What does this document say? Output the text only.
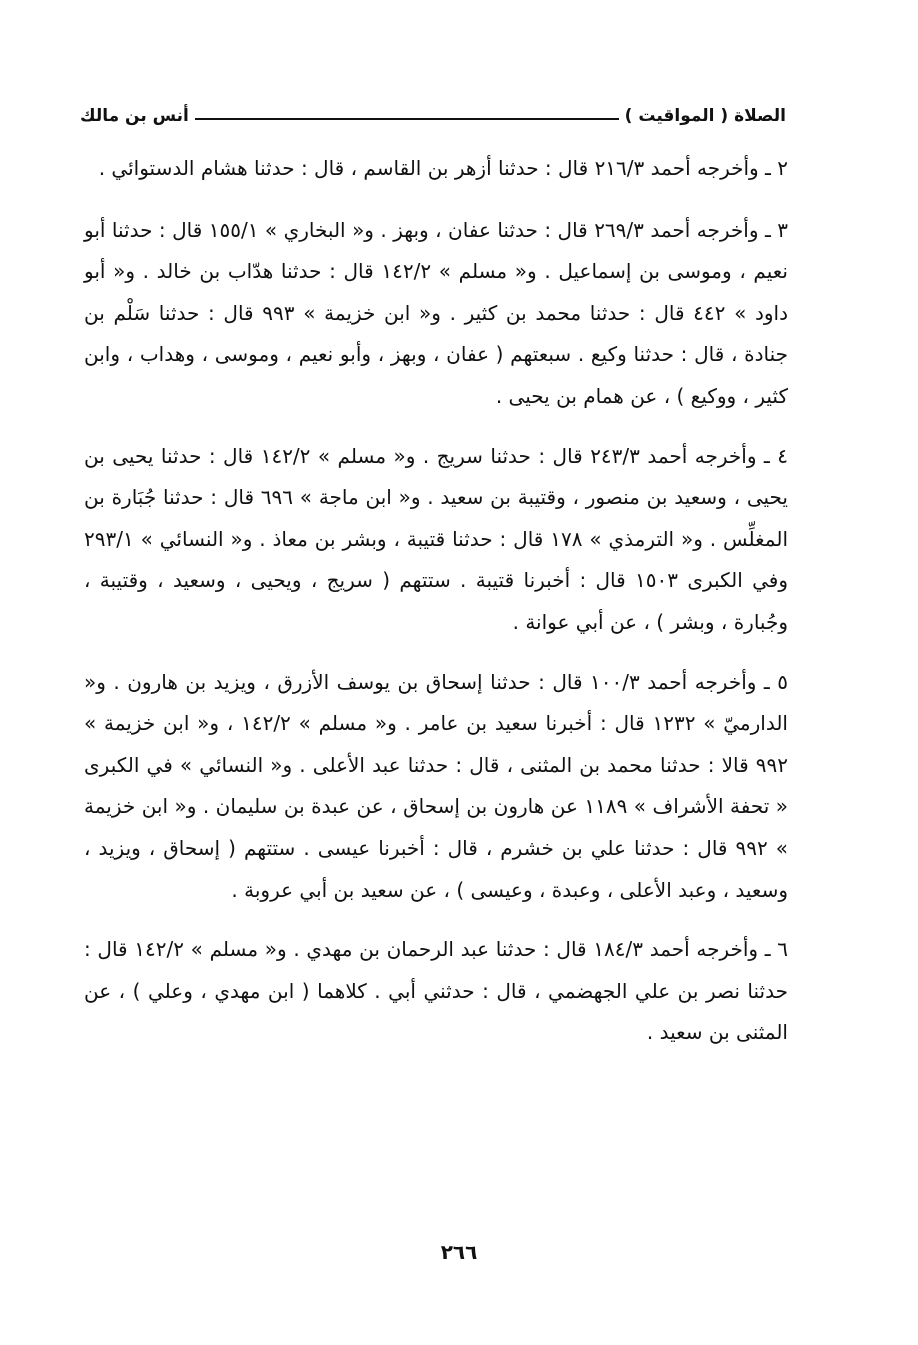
الصلاة ( المواقيت )
أنس بن مالك

٢ ـ وأخرجه أحمد ٢١٦/٣ قال : حدثنا أزهر بن القاسم ، قال : حدثنا هشام الدستوائي .

٣ ـ وأخرجه أحمد ٢٦٩/٣ قال : حدثنا عفان ، وبهز . و« البخاري » ١٥٥/١ قال : حدثنا أبو نعيم ، وموسى بن إسماعيل . و« مسلم » ١٤٢/٢ قال : حدثنا هدّاب بن خالد . و« أبو داود » ٤٤٢ قال : حدثنا محمد بن كثير . و« ابن خزيمة » ٩٩٣ قال : حدثنا سَلْم بن جنادة ، قال : حدثنا وكيع . سبعتهم ( عفان ، وبهز ، وأبو نعيم ، وموسى ، وهداب ، وابن كثير ، ووكيع ) ، عن همام بن يحيى .

٤ ـ وأخرجه أحمد ٢٤٣/٣ قال : حدثنا سريج . و« مسلم » ١٤٢/٢ قال : حدثنا يحيى بن يحيى ، وسعيد بن منصور ، وقتيبة بن سعيد . و« ابن ماجة » ٦٩٦ قال : حدثنا جُبَارة بن المغلِّس . و« الترمذي » ١٧٨ قال : حدثنا قتيبة ، وبشر بن معاذ . و« النسائي » ٢٩٣/١ وفي الكبرى ١٥٠٣ قال : أخبرنا قتيبة . ستتهم ( سريج ، ويحيى ، وسعيد ، وقتيبة ، وجُبارة ، وبشر ) ، عن أبي عوانة .

٥ ـ وأخرجه أحمد ١٠٠/٣ قال : حدثنا إسحاق بن يوسف الأزرق ، ويزيد بن هارون . و« الدارميّ » ١٢٣٢ قال : أخبرنا سعيد بن عامر . و« مسلم » ١٤٢/٢ ، و« ابن خزيمة » ٩٩٢ قالا : حدثنا محمد بن المثنى ، قال : حدثنا عبد الأعلى . و« النسائي » في الكبرى « تحفة الأشراف » ١١٨٩ عن هارون بن إسحاق ، عن عبدة بن سليمان . و« ابن خزيمة » ٩٩٢ قال : حدثنا علي بن خشرم ، قال : أخبرنا عيسى . ستتهم ( إسحاق ، ويزيد ، وسعيد ، وعبد الأعلى ، وعبدة ، وعيسى ) ، عن سعيد بن أبي عروبة .

٦ ـ وأخرجه أحمد ١٨٤/٣ قال : حدثنا عبد الرحمان بن مهدي . و« مسلم » ١٤٢/٢ قال : حدثنا نصر بن علي الجهضمي ، قال : حدثني أبي . كلاهما ( ابن مهدي ، وعلي ) ، عن المثنى بن سعيد .

٢٦٦
